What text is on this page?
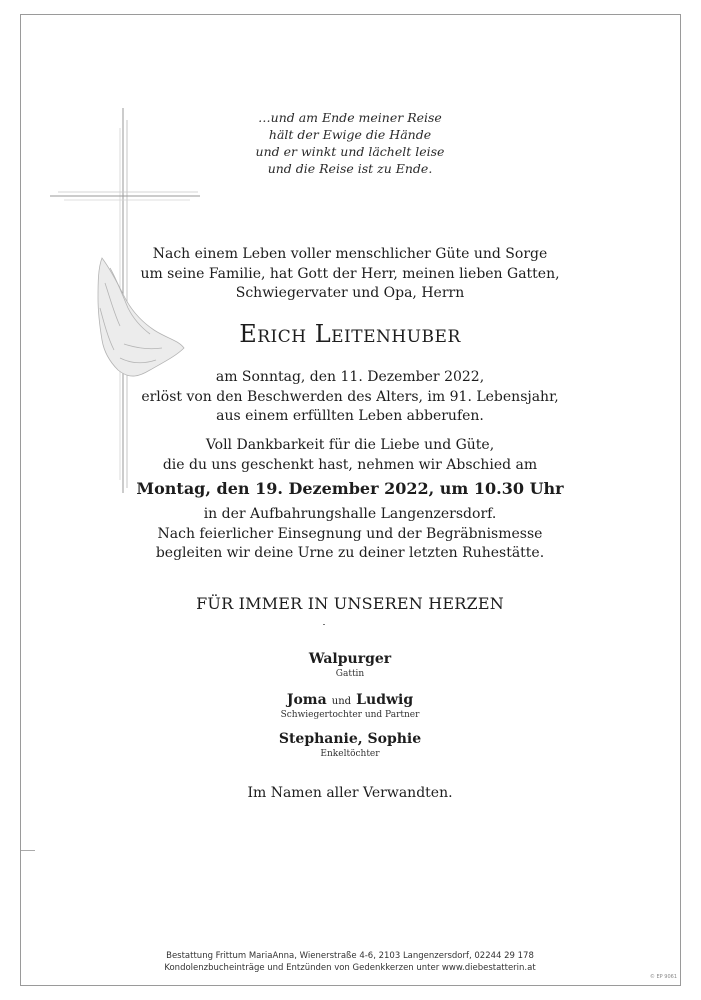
…und am Ende meiner Reise
hält der Ewige die Hände
und er winkt und lächelt leise
und die Reise ist zu Ende.
Nach einem Leben voller menschlicher Güte und Sorge
um seine Familie, hat Gott der Herr, meinen lieben Gatten,
Schwiegervater und Opa, Herrn
Erich Leitenhuber
am Sonntag, den 11. Dezember 2022,
erlöst von den Beschwerden des Alters, im 91. Lebensjahr,
aus einem erfüllten Leben abberufen.
Voll Dankbarkeit für die Liebe und Güte,
die du uns geschenkt hast, nehmen wir Abschied am
Montag, den 19. Dezember 2022, um 10.30 Uhr
in der Aufbahrungshalle Langenzersdorf.
Nach feierlicher Einsegnung und der Begräbnismesse
begleiten wir deine Urne zu deiner letzten Ruhestätte.
FÜR IMMER IN UNSEREN HERZEN
Walpurger
Gattin
Joma und Ludwig
Schwiegertochter und Partner
Stephanie, Sophie
Enkeltöchter
Im Namen aller Verwandten.
Bestattung Frittum MariaAnna, Wienerstraße 4-6, 2103 Langenzersdorf, 02244 29 178
Kondolenzbucheinträge und Entzünden von Gedenkkerzen unter www.diebestatterin.at
© EP 9061
